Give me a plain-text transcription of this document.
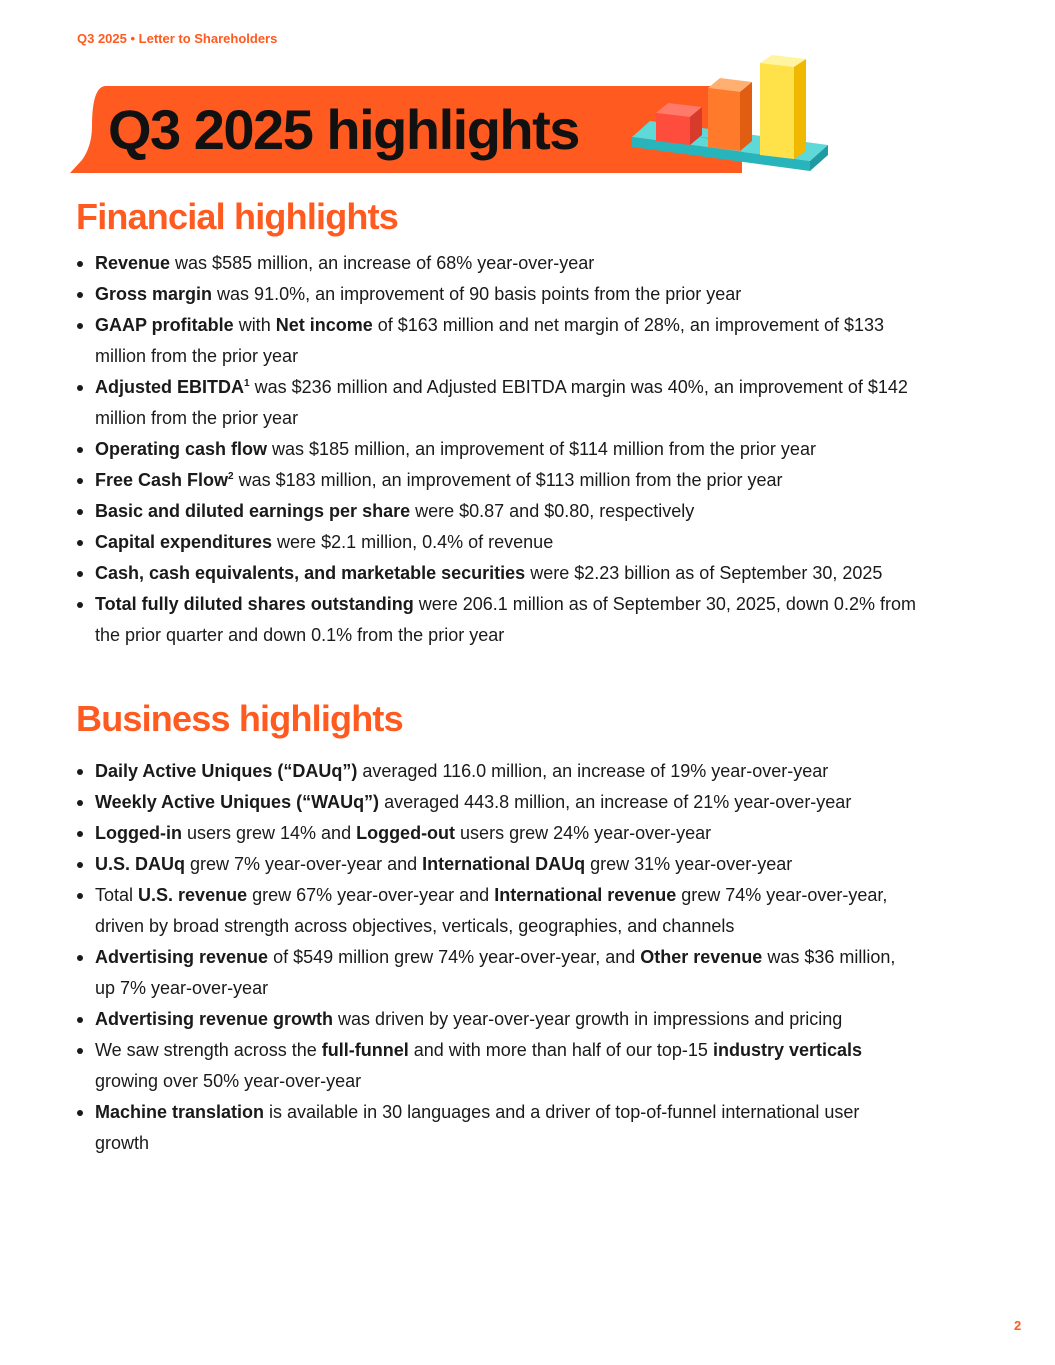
Q3 2025 • Letter to Shareholders
Q3 2025 highlights
Financial highlights
Revenue was $585 million, an increase of 68% year-over-year
Gross margin was 91.0%, an improvement of 90 basis points from the prior year
GAAP profitable with Net income of $163 million and net margin of 28%, an improvement of $133 million from the prior year
Adjusted EBITDA$^1$ was $236 million and Adjusted EBITDA margin was 40%, an improvement of $142 million from the prior year
Operating cash flow was $185 million, an improvement of $114 million from the prior year
Free Cash Flow$^2$ was $183 million, an improvement of $113 million from the prior year
Basic and diluted earnings per share were $0.87 and $0.80, respectively
Capital expenditures were $2.1 million, 0.4% of revenue
Cash, cash equivalents, and marketable securities were $2.23 billion as of September 30, 2025
Total fully diluted shares outstanding were 206.1 million as of September 30, 2025, down 0.2% from the prior quarter and down 0.1% from the prior year
Business highlights
Daily Active Uniques (“DAUq”) averaged 116.0 million, an increase of 19% year-over-year
Weekly Active Uniques (“WAUq”) averaged 443.8 million, an increase of 21% year-over-year
Logged-in users grew 14% and Logged-out users grew 24% year-over-year
U.S. DAUq grew 7% year-over-year and International DAUq grew 31% year-over-year
Total U.S. revenue grew 67% year-over-year and International revenue grew 74% year-over-year, driven by broad strength across objectives, verticals, geographies, and channels
Advertising revenue of $549 million grew 74% year-over-year, and Other revenue was $36 million, up 7% year-over-year
Advertising revenue growth was driven by year-over-year growth in impressions and pricing
We saw strength across the full-funnel and with more than half of our top-15 industry verticals growing over 50% year-over-year
Machine translation is available in 30 languages and a driver of top-of-funnel international user growth
2
